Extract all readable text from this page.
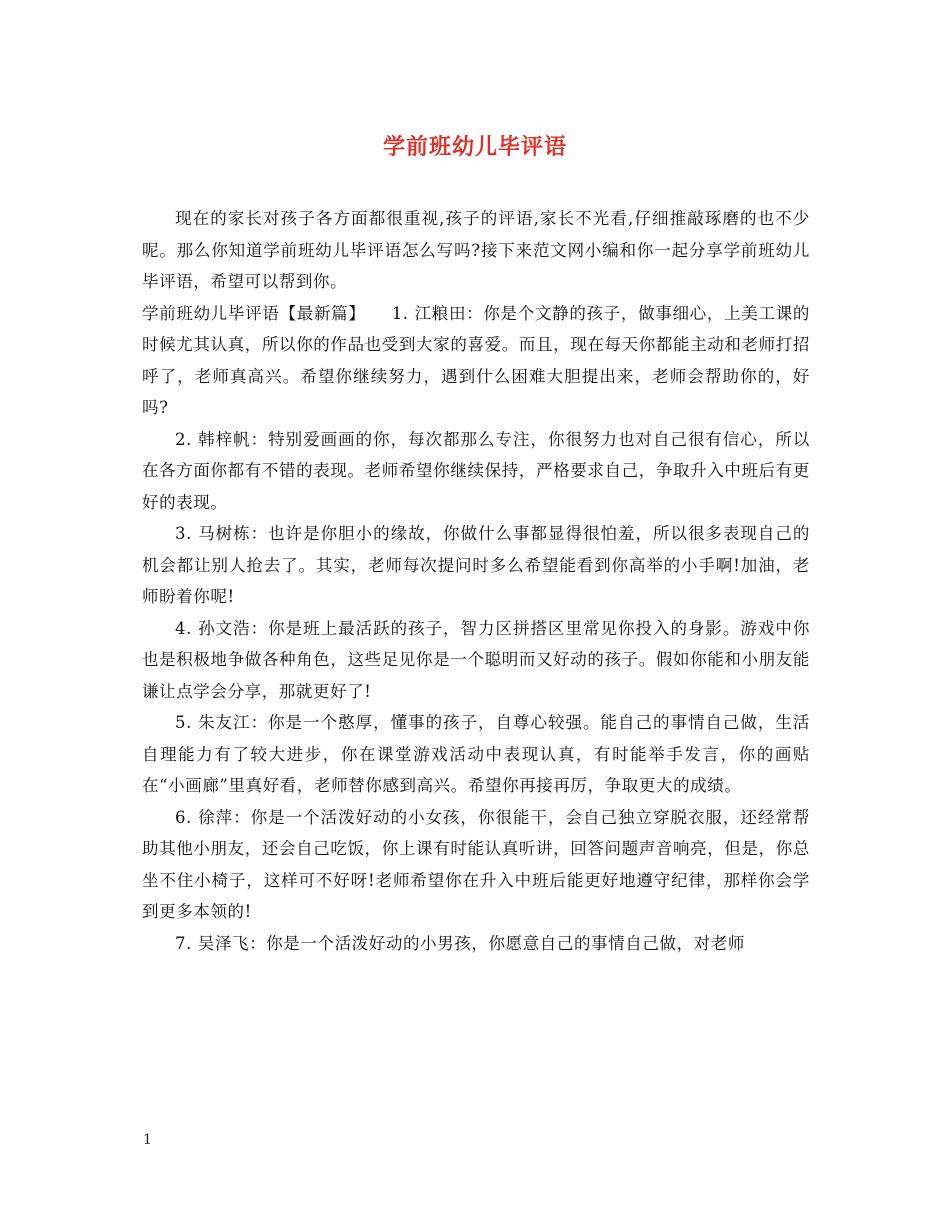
学前班幼儿毕评语

现在的家长对孩子各方面都很重视,孩子的评语,家长不光看,仔细推敲琢磨的也不少呢。那么你知道学前班幼儿毕评语怎么写吗?接下来范文网小编和你一起分享学前班幼儿毕评语，希望可以帮到你。

学前班幼儿毕评语【最新篇】　　1. 江粮田：你是个文静的孩子，做事细心，上美工课的时候尤其认真，所以你的作品也受到大家的喜爱。而且，现在每天你都能主动和老师打招呼了，老师真高兴。希望你继续努力，遇到什么困难大胆提出来，老师会帮助你的，好吗?

2. 韩梓帆：特别爱画画的你，每次都那么专注，你很努力也对自己很有信心，所以在各方面你都有不错的表现。老师希望你继续保持，严格要求自己，争取升入中班后有更好的表现。

3. 马树栋：也许是你胆小的缘故，你做什么事都显得很怕羞，所以很多表现自己的机会都让别人抢去了。其实，老师每次提问时多么希望能看到你高举的小手啊!加油，老师盼着你呢!

4. 孙文浩：你是班上最活跃的孩子，智力区拼搭区里常见你投入的身影。游戏中你也是积极地争做各种角色，这些足见你是一个聪明而又好动的孩子。假如你能和小朋友能谦让点学会分享，那就更好了!

5. 朱友江：你是一个憨厚，懂事的孩子，自尊心较强。能自己的事情自己做，生活自理能力有了较大进步，你在课堂游戏活动中表现认真，有时能举手发言，你的画贴在“小画廊”里真好看，老师替你感到高兴。希望你再接再厉，争取更大的成绩。

6. 徐萍：你是一个活泼好动的小女孩，你很能干，会自己独立穿脱衣服，还经常帮助其他小朋友，还会自己吃饭，你上课有时能认真听讲，回答问题声音响亮，但是，你总坐不住小椅子，这样可不好呀!老师希望你在升入中班后能更好地遵守纪律，那样你会学到更多本领的!

7. 吴泽飞：你是一个活泼好动的小男孩，你愿意自己的事情自己做，对老师

1
